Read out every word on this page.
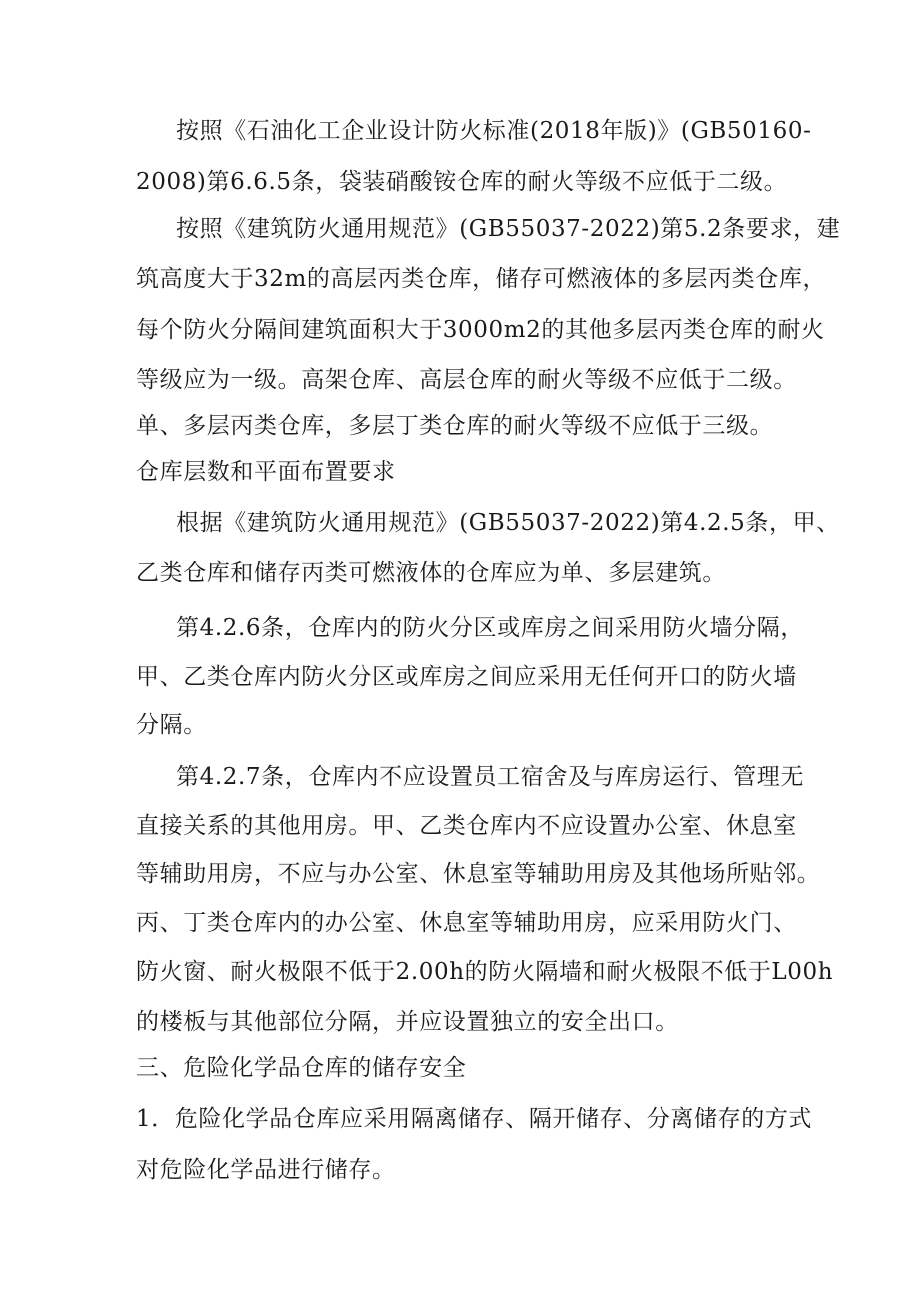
按照《石油化工企业设计防火标准(2018年版)》(GB50160-
2008)第6.6.5条，袋装硝酸铵仓库的耐火等级不应低于二级。
按照《建筑防火通用规范》(GB55037-2022)第5.2条要求，建
筑高度大于32m的高层丙类仓库，储存可燃液体的多层丙类仓库，
每个防火分隔间建筑面积大于3000m2的其他多层丙类仓库的耐火
等级应为一级。高架仓库、高层仓库的耐火等级不应低于二级。
单、多层丙类仓库，多层丁类仓库的耐火等级不应低于三级。
仓库层数和平面布置要求
根据《建筑防火通用规范》(GB55037-2022)第4.2.5条，甲、
乙类仓库和储存丙类可燃液体的仓库应为单、多层建筑。
第4.2.6条，仓库内的防火分区或库房之间采用防火墙分隔，
甲、乙类仓库内防火分区或库房之间应采用无任何开口的防火墙
分隔。
第4.2.7条，仓库内不应设置员工宿舍及与库房运行、管理无
直接关系的其他用房。甲、乙类仓库内不应设置办公室、休息室
等辅助用房，不应与办公室、休息室等辅助用房及其他场所贴邻。
丙、丁类仓库内的办公室、休息室等辅助用房，应采用防火门、
防火窗、耐火极限不低于2.00h的防火隔墙和耐火极限不低于L00h
的楼板与其他部位分隔，并应设置独立的安全出口。
三、危险化学品仓库的储存安全
1．危险化学品仓库应采用隔离储存、隔开储存、分离储存的方式
对危险化学品进行储存。
